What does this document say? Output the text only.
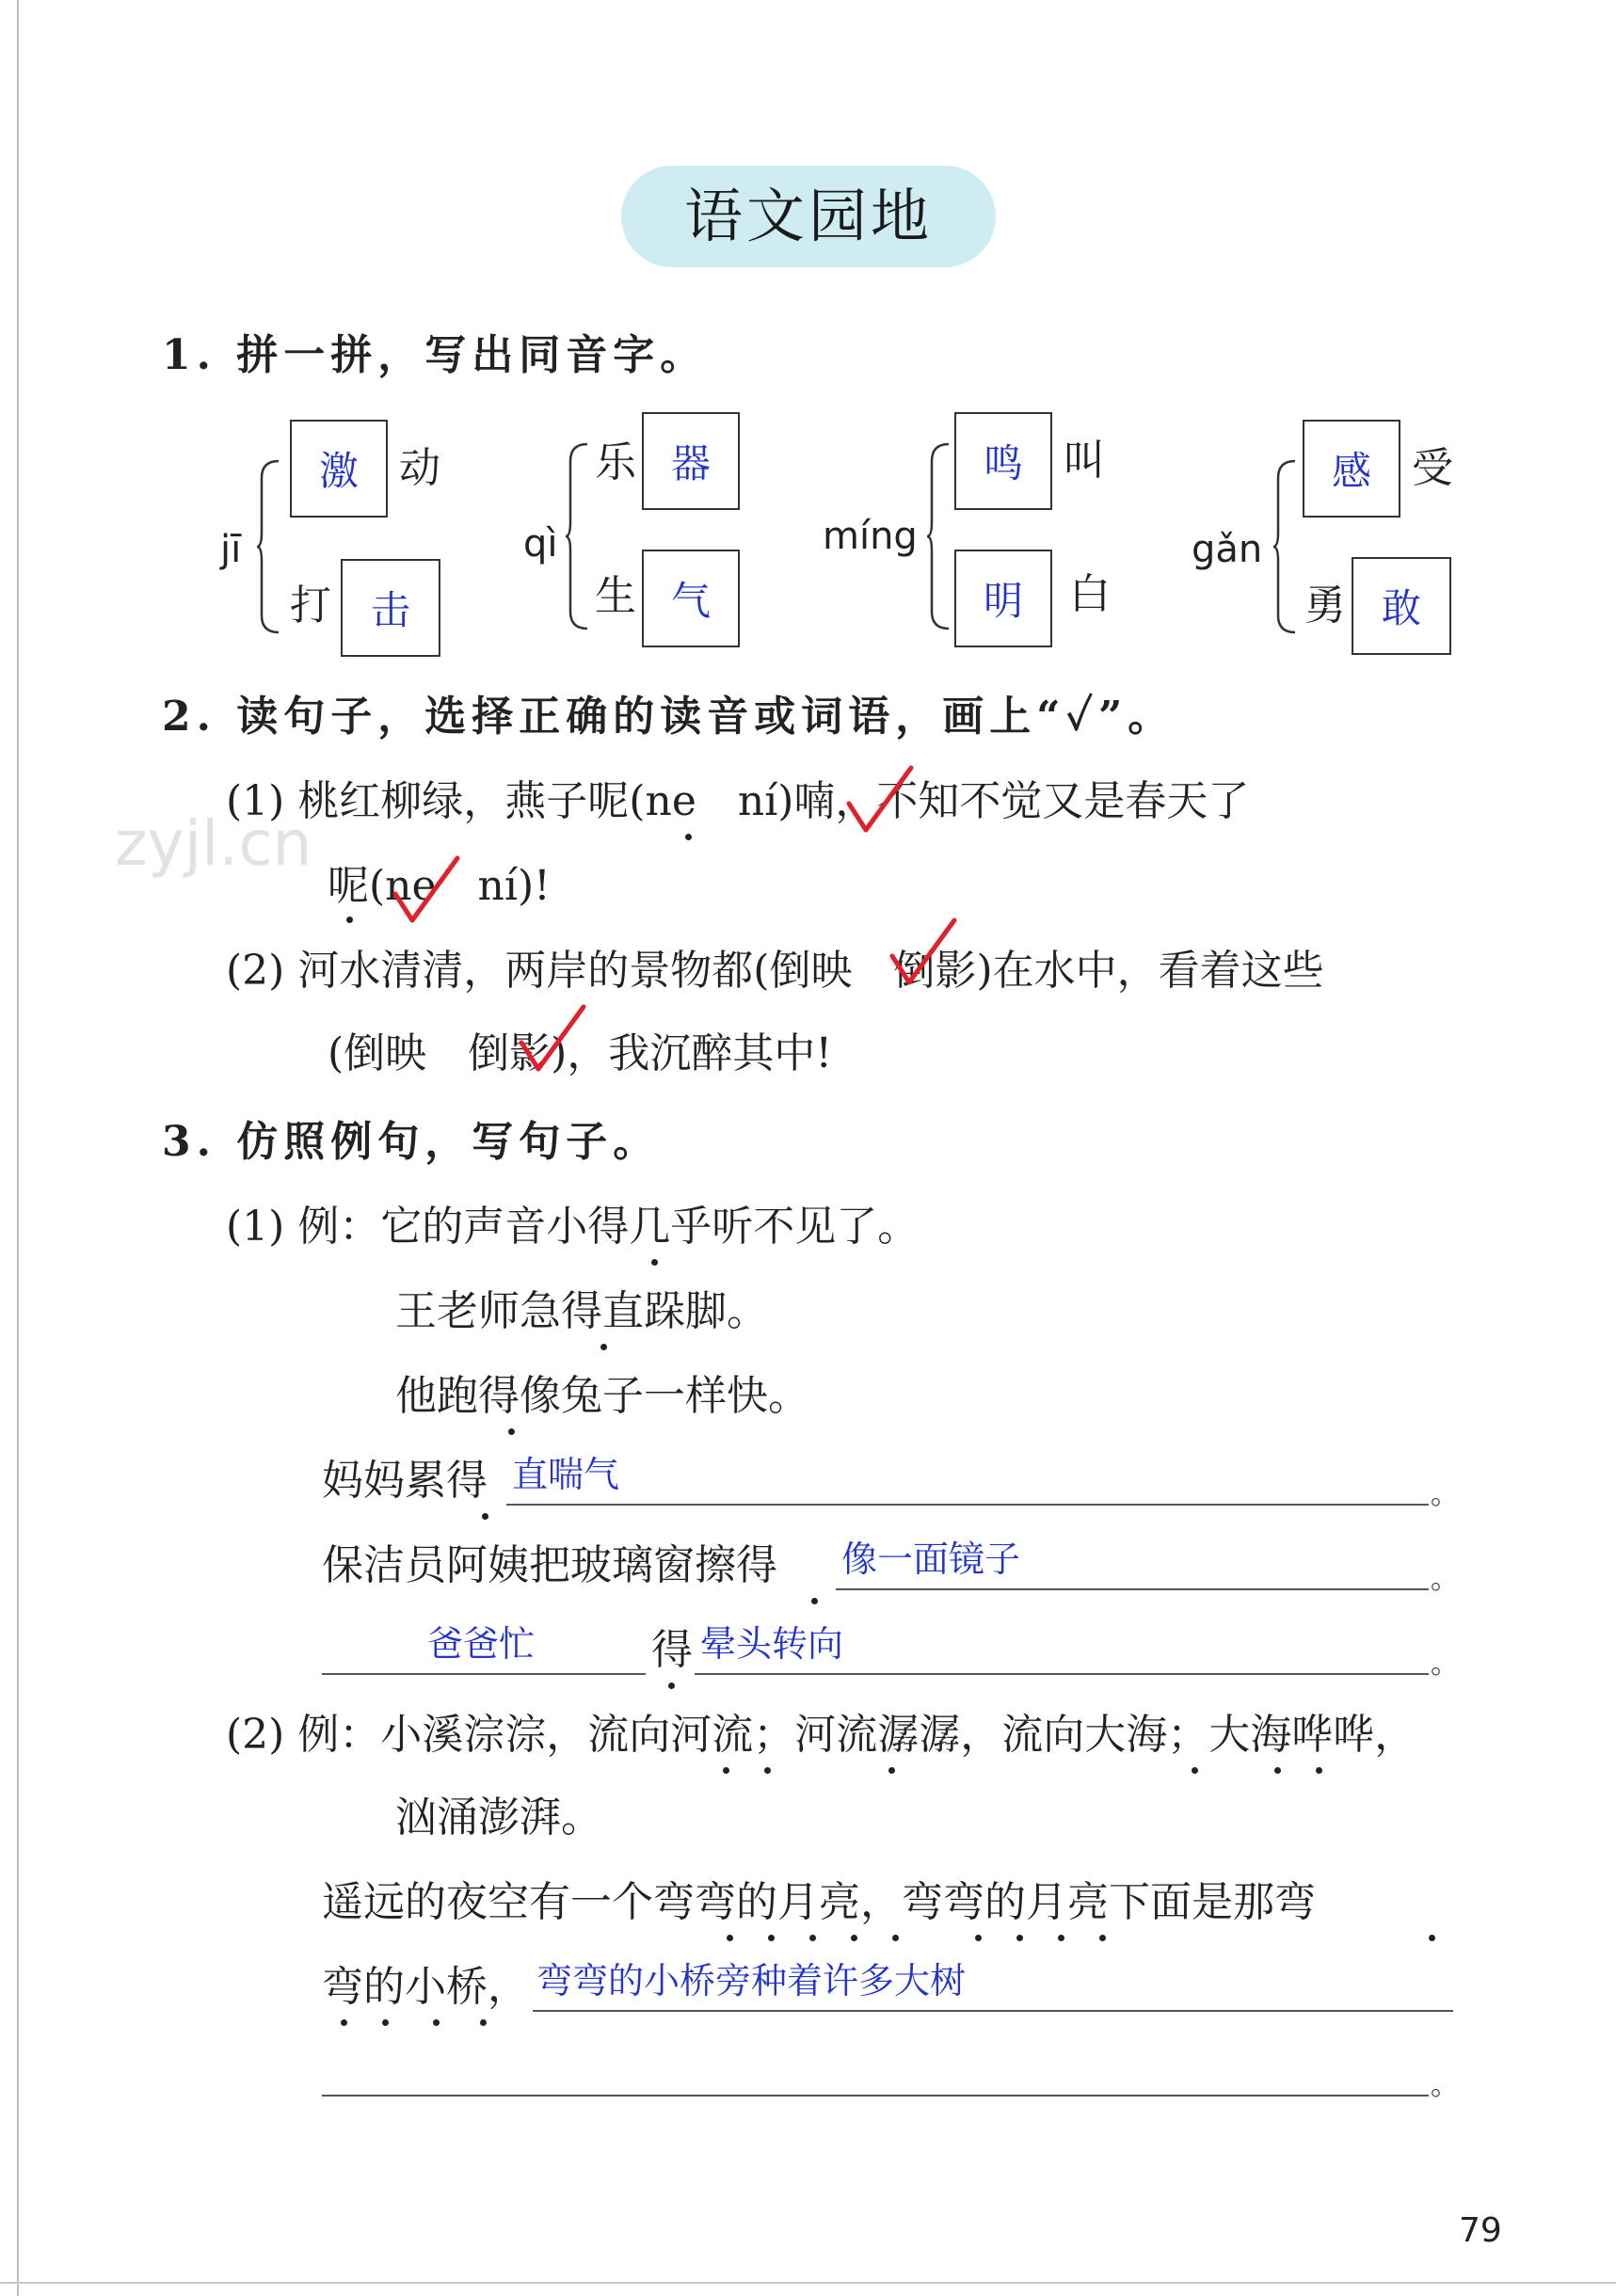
zyjl.cn
语文园地
1. 拼一拼，写出同音字。
jī
激 动
打 击
qì
乐 器
生 气
míng
鸣 叫
明	白
gǎn
感 受
勇 敢
2. 读句子，选择正确的读音或词语，画上“✓”。
(1) 桃红柳绿，燕子呢(ne　ní)喃，不知不觉又是春天了
呢(ne　ní)!
(2) 河水清清，两岸的景物都(倒映　倒影)在水中，看着这些
(倒映　倒影)，我沉醉其中!
3. 仿照例句，写句子。
(1) 例：它的声音小得几乎听不见了。
王老师急得直跺脚。
他跑得像兔子一样快。
妈妈累得 直喘气	。
保洁员阿姨把玻璃窗擦得 像一面镜子	。
爸爸忙	得 晕头转向	。
(2) 例：小溪淙淙，流向河流；河流潺潺，流向大海；大海哗哗，
汹涌澎湃。
遥远的夜空有一个弯弯的月亮，弯弯的月亮下面是那弯
弯的小桥， 弯弯的小桥旁种着许多大树
。
79
